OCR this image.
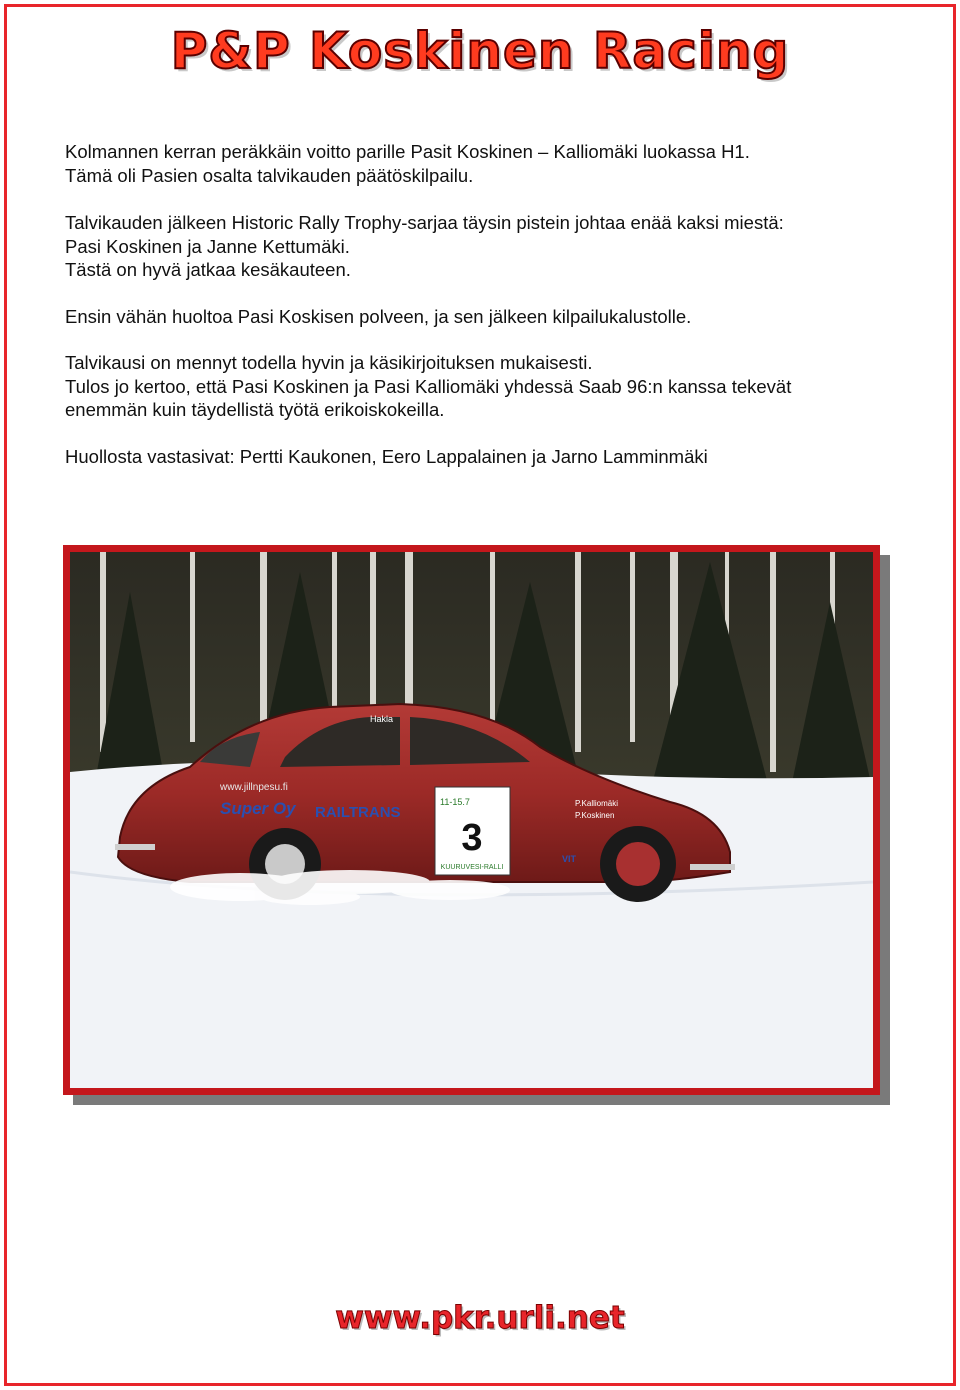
P&P Koskinen Racing

Kolmannen kerran peräkkäin voitto parille Pasit Koskinen – Kalliomäki luokassa H1.

Tämä oli Pasien osalta talvikauden päätöskilpailu.

Talvikauden jälkeen Historic Rally Trophy-sarjaa täysin pistein johtaa enää kaksi miestä:

Pasi Koskinen ja Janne Kettumäki.

Tästä on hyvä jatkaa kesäkauteen.

Ensin vähän huoltoa Pasi Koskisen polveen, ja sen jälkeen kilpailukalustolle.

Talvikausi on mennyt todella hyvin ja käsikirjoituksen mukaisesti.

Tulos jo kertoo, että Pasi Koskinen ja Pasi Kalliomäki yhdessä Saab 96:n kanssa tekevät

enemmän kuin täydellistä työtä erikoiskokeilla.

Huollosta vastasivat: Pertti Kaukonen, Eero Lappalainen ja Jarno Lamminmäki

Super Oy RAILTRANS
www.jillnpesu.fi
Hakla
11-15.7
3
KUURUVESI-RALLI
P.Kalliomäki
P.Koskinen
VIT
www.pkr.urli.net
